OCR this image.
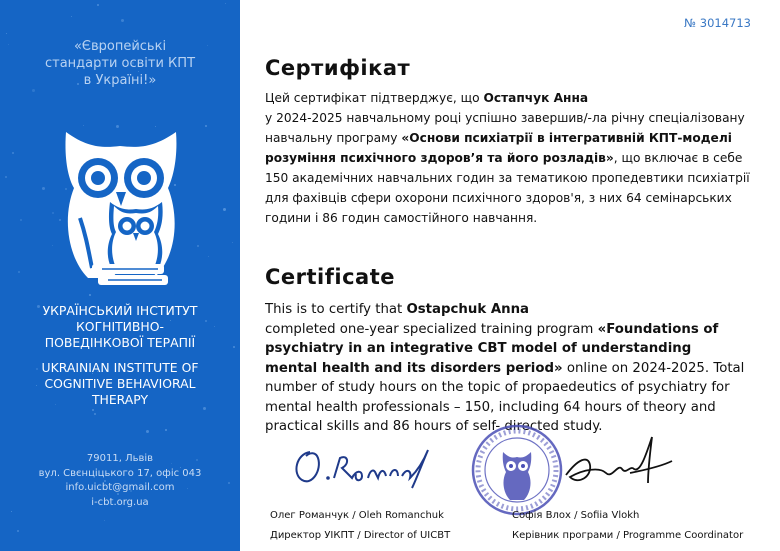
«Європейські
стандарти освіти КПТ
в Україні!»
УКРАЇНСЬКИЙ ІНСТИТУТ
КОГНІТИВНО-
ПОВЕДІНКОВОЇ ТЕРАПІЇ
UKRAINIAN INSTITUTE OF
COGNITIVE BEHAVIORAL
THERAPY
79011, Львів
вул. Свєнціцького 17, офіс 043
info.uicbt@gmail.com
i-cbt.org.ua
№ 3014713
Сертифікат
Цей сертифікат підтверджує, що Остапчук Анна
у 2024-2025 навчальному році успішно завершив/-ла річну спеціалізовану навчальну програму «Основи психіатрії в інтегративній КПТ-моделі розуміння психічного здоров’я та його розладів», що включає в себе 150 академічних навчальних годин за тематикою пропедевтики психіатрії для фахівців сфери охорони психічного здоров'я, з них 64 семінарських години і 86 годин самостійного навчання.
Certificate
This is to certify that Ostapchuk Anna
completed one-year specialized training program «Foundations of psychiatry in an integrative CBT model of understanding mental health and its disorders period» online on 2024-2025. Total number of study hours on the topic of propaedeutics of psychiatry for mental health professionals – 150, including 64 hours of theory and practical skills and 86 hours of self- directed study.
Олег Романчук / Oleh Romanchuk
Директор УІКПТ / Director of UICBT
Софія Влох / Sofiia Vlokh
Керівник програми / Programme Coordinator
